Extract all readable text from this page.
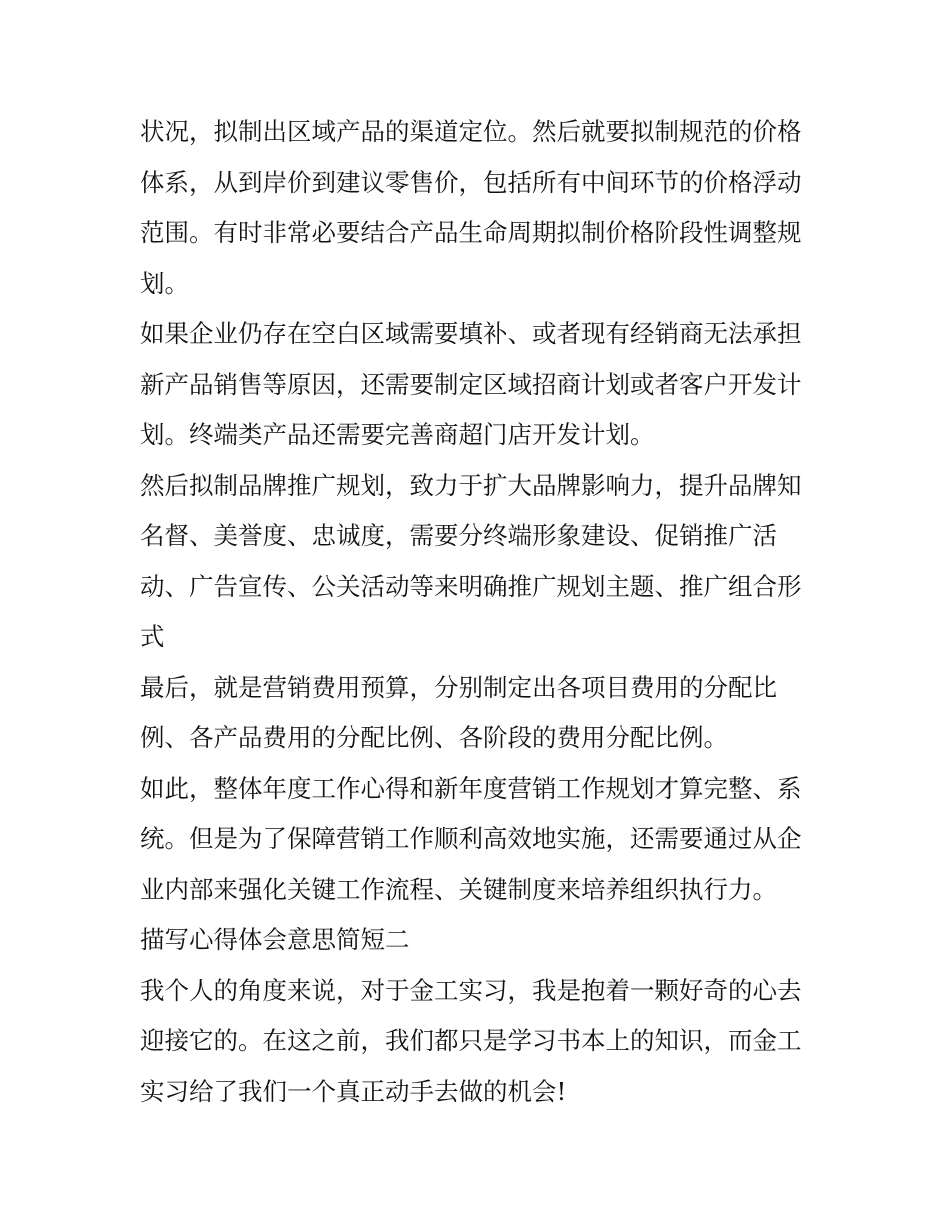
状况，拟制出区域产品的渠道定位。然后就要拟制规范的价格
体系，从到岸价到建议零售价，包括所有中间环节的价格浮动
范围。有时非常必要结合产品生命周期拟制价格阶段性调整规
划。
如果企业仍存在空白区域需要填补、或者现有经销商无法承担
新产品销售等原因，还需要制定区域招商计划或者客户开发计
划。终端类产品还需要完善商超门店开发计划。
然后拟制品牌推广规划，致力于扩大品牌影响力，提升品牌知
名督、美誉度、忠诚度，需要分终端形象建设、促销推广活
动、广告宣传、公关活动等来明确推广规划主题、推广组合形
式
最后，就是营销费用预算，分别制定出各项目费用的分配比
例、各产品费用的分配比例、各阶段的费用分配比例。
如此，整体年度工作心得和新年度营销工作规划才算完整、系
统。但是为了保障营销工作顺利高效地实施，还需要通过从企
业内部来强化关键工作流程、关键制度来培养组织执行力。
描写心得体会意思简短二
我个人的角度来说，对于金工实习，我是抱着一颗好奇的心去
迎接它的。在这之前，我们都只是学习书本上的知识，而金工
实习给了我们一个真正动手去做的机会!
